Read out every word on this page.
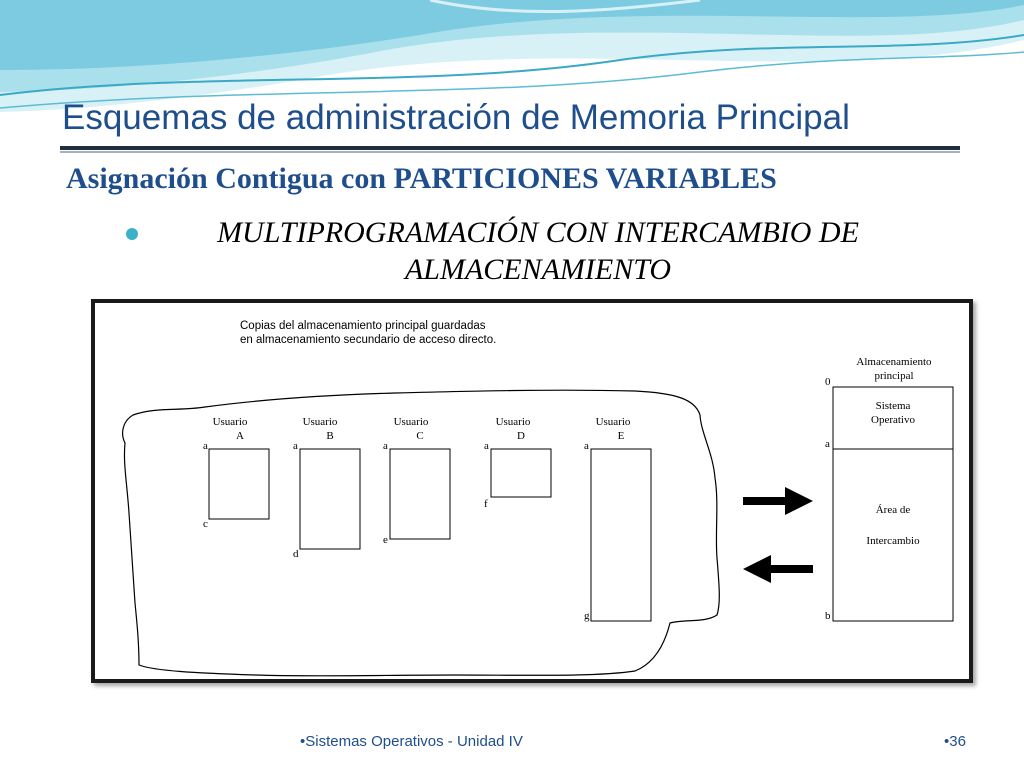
Esquemas de administración de Memoria Principal
Asignación Contigua con PARTICIONES VARIABLES
MULTIPROGRAMACIÓN CON INTERCAMBIO DE ALMACENAMIENTO
Copias del almacenamiento principal guardadas
en almacenamiento secundario de acceso directo.
Usuario
A
a
c
Usuario
B
a
d
Usuario
C
a
e
Usuario
D
a
f
Usuario
E
a
g
Almacenamiento
principal
0
a
b
Sistema
Operativo
Área de
Intercambio
•Sistemas Operativos - Unidad IV	•36
